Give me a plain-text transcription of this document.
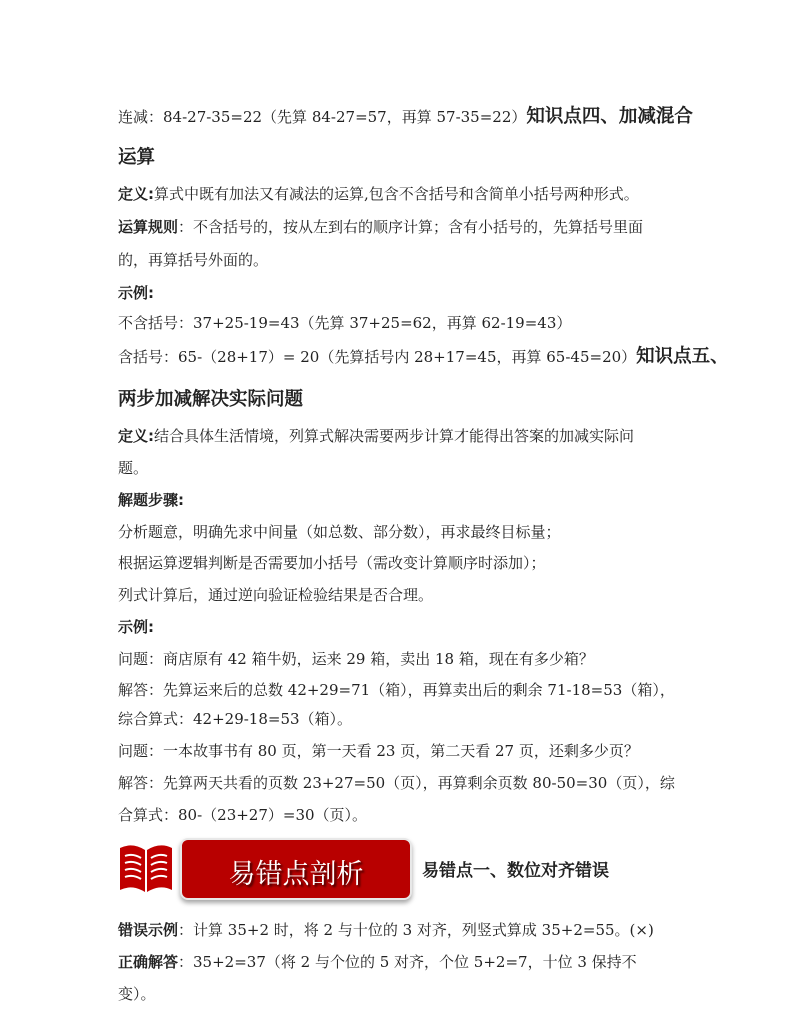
连减：84-27-35=22（先算 84-27=57，再算 57-35=22）知识点四、加减混合
运算
定义:算式中既有加法又有减法的运算,包含不含括号和含简单小括号两种形式。
运算规则：不含括号的，按从左到右的顺序计算；含有小括号的，先算括号里面
的，再算括号外面的。
示例:
不含括号：37+25-19=43（先算 37+25=62，再算 62-19=43）
含括号：65-（28+17）= 20（先算括号内 28+17=45，再算 65-45=20）知识点五、
两步加减解决实际问题
定义:结合具体生活情境，列算式解决需要两步计算才能得出答案的加减实际问
题。
解题步骤:
分析题意，明确先求中间量（如总数、部分数），再求最终目标量；
根据运算逻辑判断是否需要加小括号（需改变计算顺序时添加）；
列式计算后，通过逆向验证检验结果是否合理。
示例:
问题：商店原有 42 箱牛奶，运来 29 箱，卖出 18 箱，现在有多少箱？
解答：先算运来后的总数 42+29=71（箱），再算卖出后的剩余 71-18=53（箱），
综合算式：42+29-18=53（箱）。
问题：一本故事书有 80 页，第一天看 23 页，第二天看 27 页，还剩多少页？
解答：先算两天共看的页数 23+27=50（页），再算剩余页数 80-50=30（页），综
合算式：80-（23+27）=30（页）。
易错点剖析	易错点一、数位对齐错误
错误示例：计算 35+2 时，将 2 与十位的 3 对齐，列竖式算成 35+2=55。(×)
正确解答：35+2=37（将 2 与个位的 5 对齐，个位 5+2=7，十位 3 保持不
变）。
